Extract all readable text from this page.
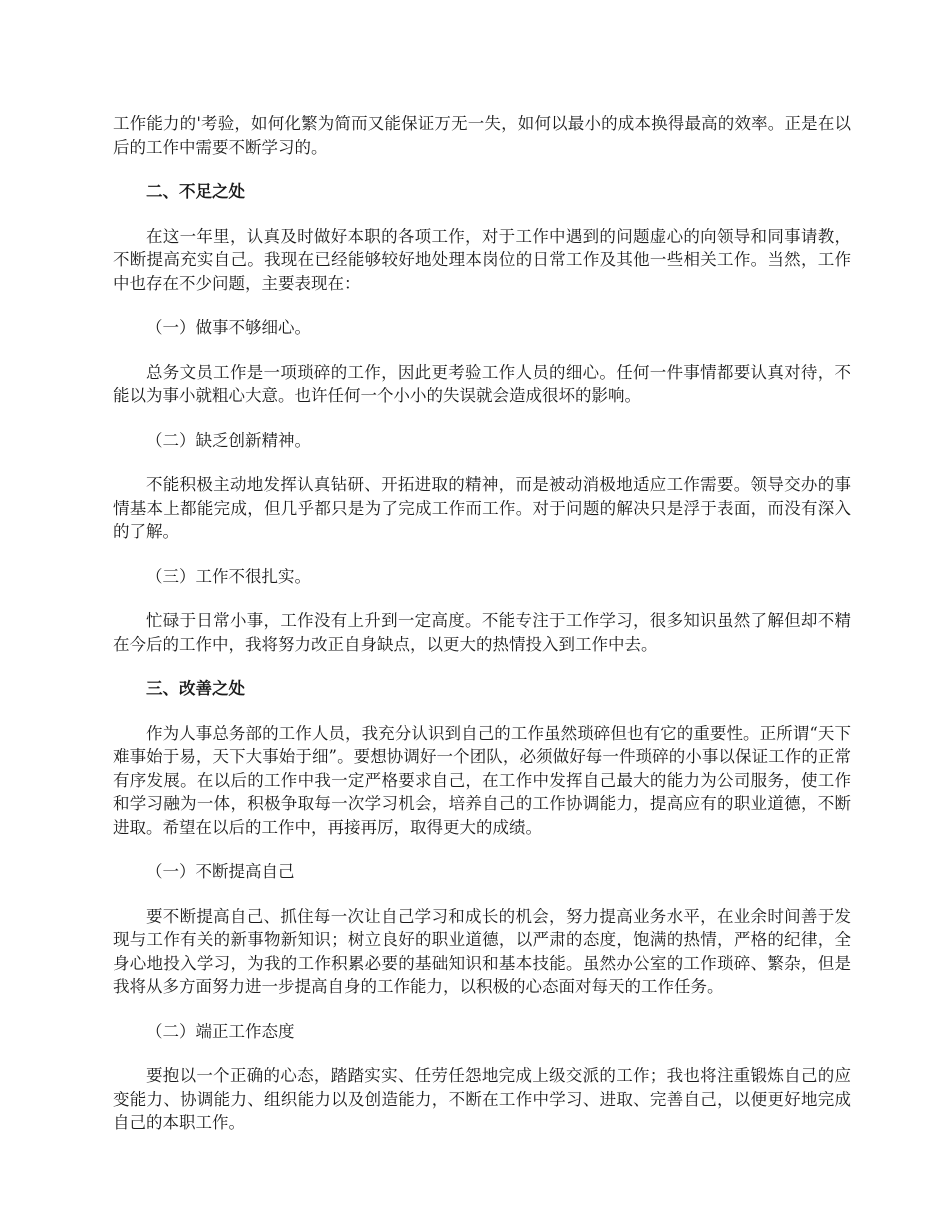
工作能力的'考验，如何化繁为简而又能保证万无一失，如何以最小的成本换得最高的效率。正是在以后的工作中需要不断学习的。

二、不足之处

在这一年里，认真及时做好本职的各项工作，对于工作中遇到的问题虚心的向领导和同事请教，不断提高充实自己。我现在已经能够较好地处理本岗位的日常工作及其他一些相关工作。当然，工作中也存在不少问题，主要表现在：

（一）做事不够细心。

总务文员工作是一项琐碎的工作，因此更考验工作人员的细心。任何一件事情都要认真对待，不能以为事小就粗心大意。也许任何一个小小的失误就会造成很坏的影响。

（二）缺乏创新精神。

不能积极主动地发挥认真钻研、开拓进取的精神，而是被动消极地适应工作需要。领导交办的事情基本上都能完成，但几乎都只是为了完成工作而工作。对于问题的解决只是浮于表面，而没有深入的了解。

（三）工作不很扎实。

忙碌于日常小事，工作没有上升到一定高度。不能专注于工作学习，很多知识虽然了解但却不精在今后的工作中，我将努力改正自身缺点，以更大的热情投入到工作中去。

三、改善之处

作为人事总务部的工作人员，我充分认识到自己的工作虽然琐碎但也有它的重要性。正所谓“天下难事始于易，天下大事始于细”。要想协调好一个团队，必须做好每一件琐碎的小事以保证工作的正常有序发展。在以后的工作中我一定严格要求自己，在工作中发挥自己最大的能力为公司服务，使工作和学习融为一体，积极争取每一次学习机会，培养自己的工作协调能力，提高应有的职业道德，不断进取。希望在以后的工作中，再接再厉，取得更大的成绩。

（一）不断提高自己

要不断提高自己、抓住每一次让自己学习和成长的机会，努力提高业务水平，在业余时间善于发现与工作有关的新事物新知识；树立良好的职业道德，以严肃的态度，饱满的热情，严格的纪律，全身心地投入学习，为我的工作积累必要的基础知识和基本技能。虽然办公室的工作琐碎、繁杂，但是我将从多方面努力进一步提高自身的工作能力，以积极的心态面对每天的工作任务。

（二）端正工作态度

要抱以一个正确的心态，踏踏实实、任劳任怨地完成上级交派的工作；我也将注重锻炼自己的应变能力、协调能力、组织能力以及创造能力，不断在工作中学习、进取、完善自己，以便更好地完成自己的本职工作。
